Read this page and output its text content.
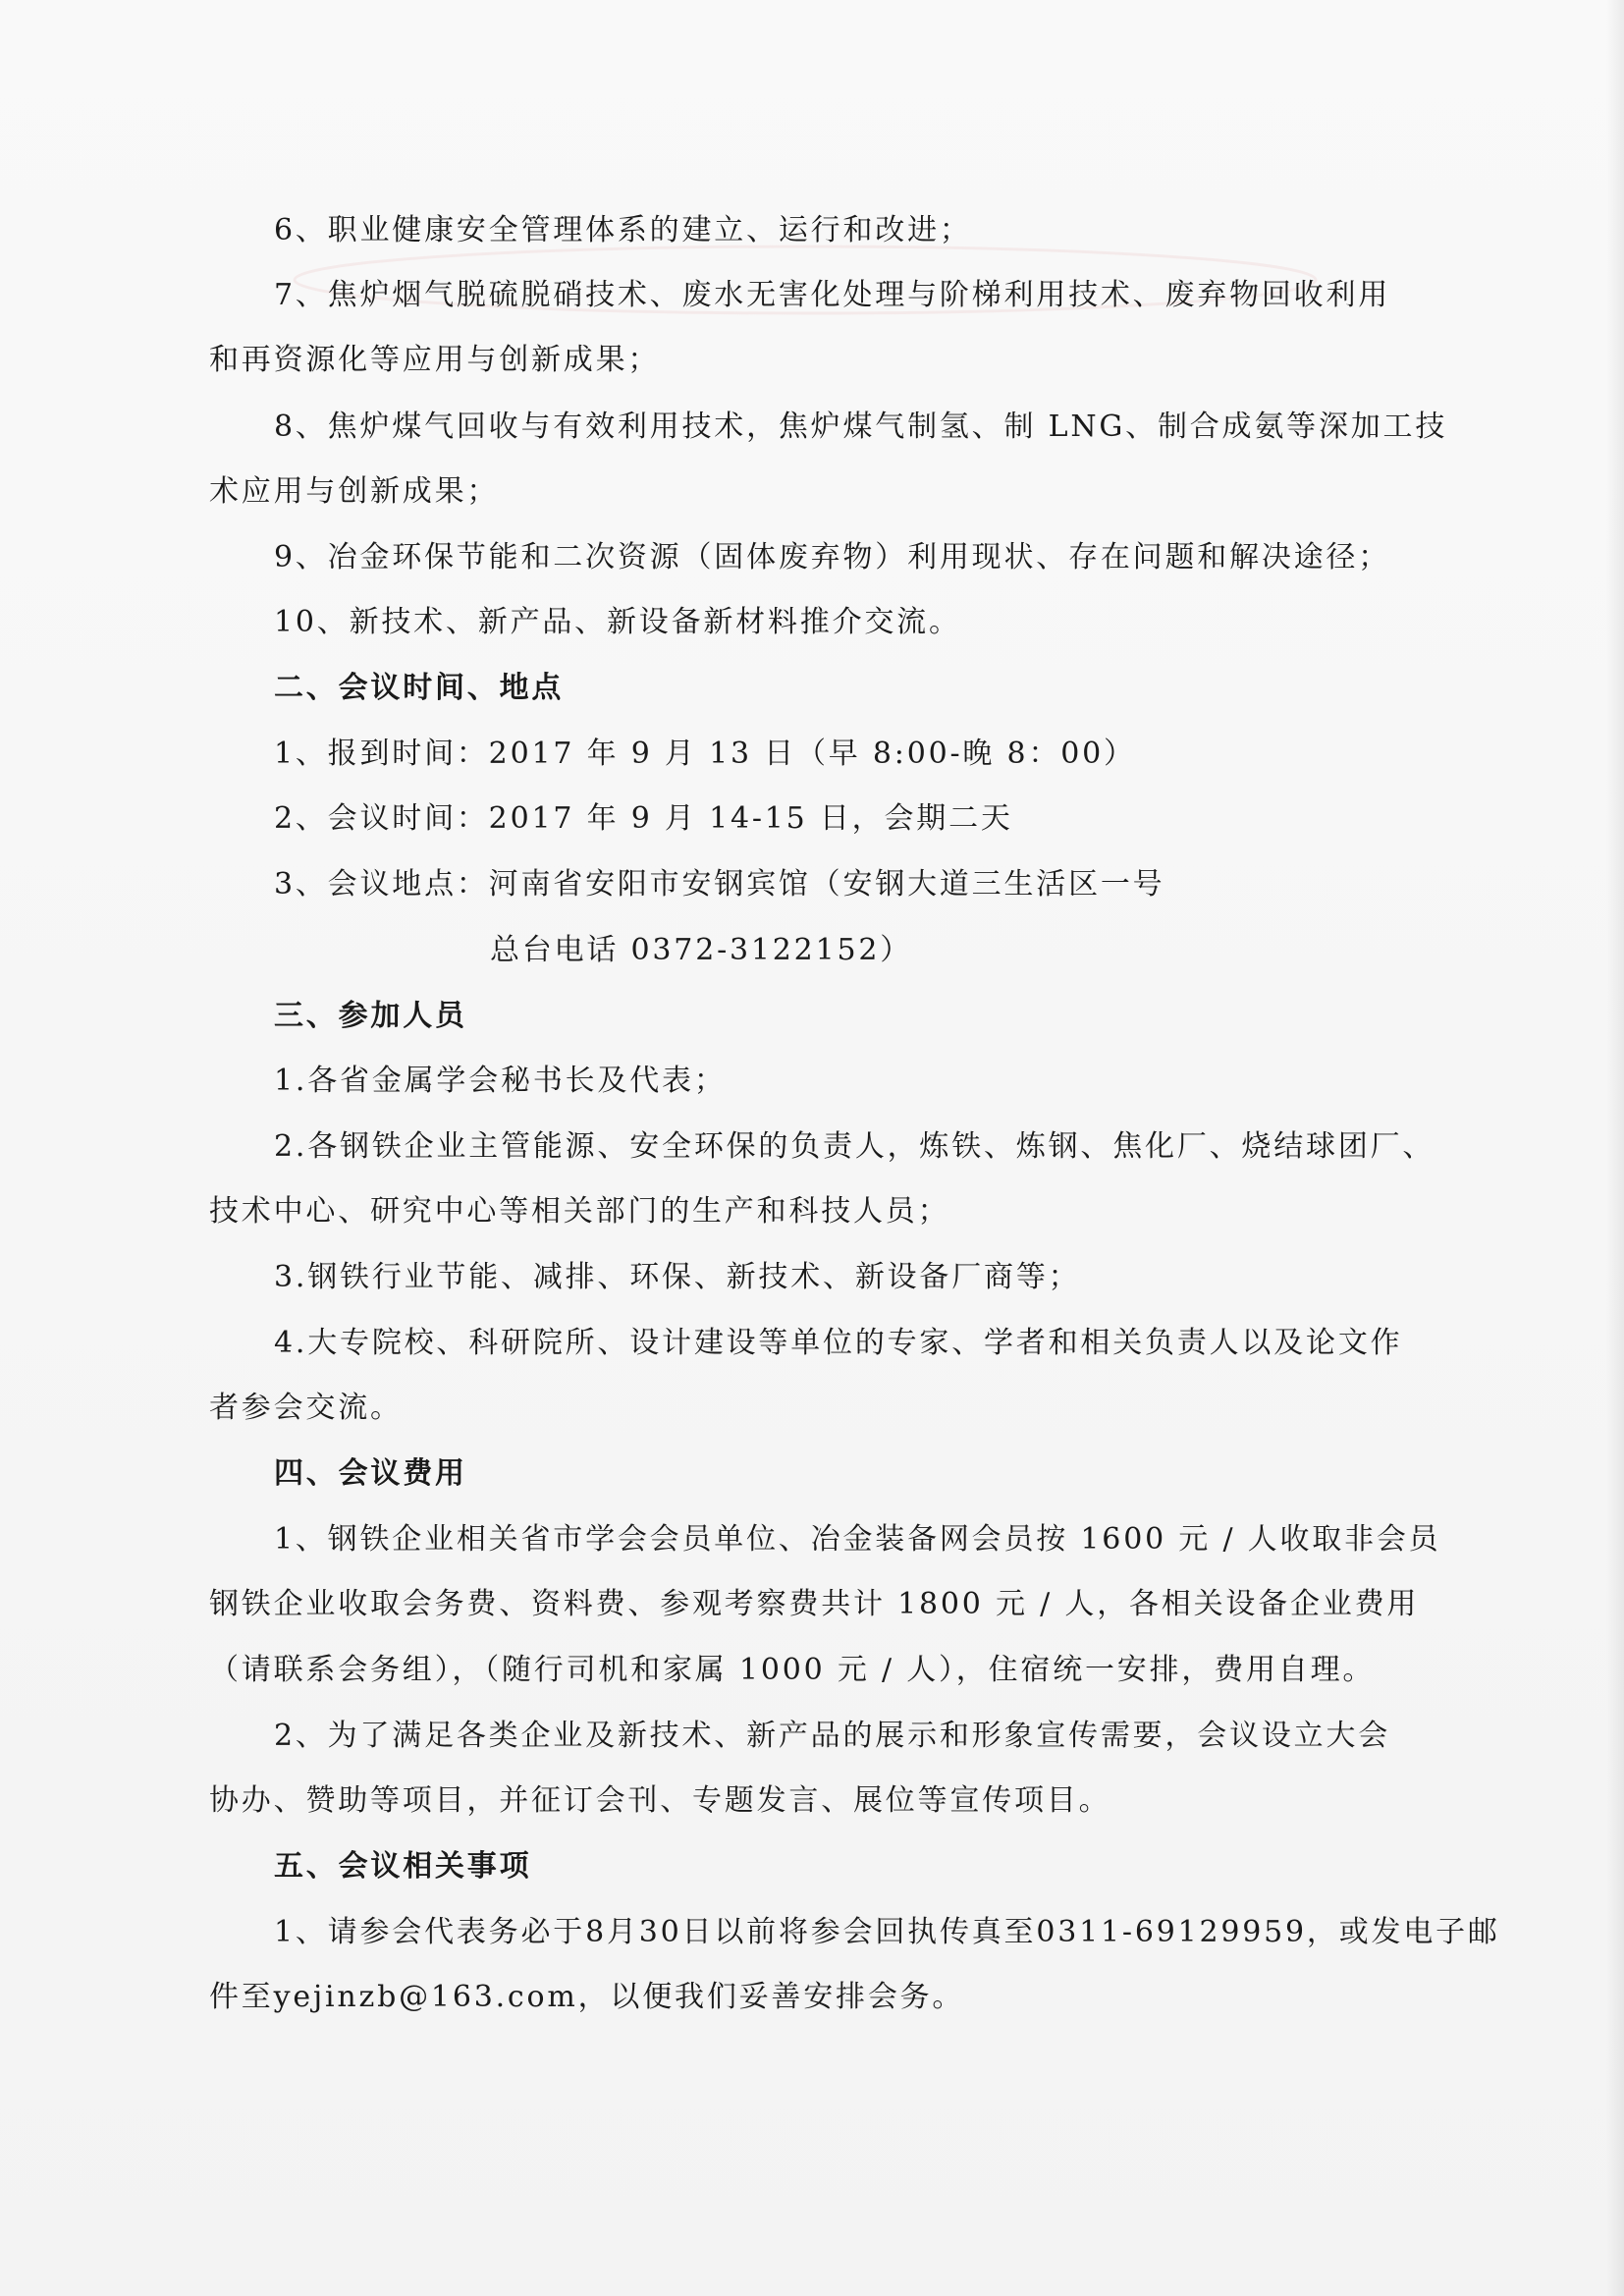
6、职业健康安全管理体系的建立、运行和改进；
7、焦炉烟气脱硫脱硝技术、废水无害化处理与阶梯利用技术、废弃物回收利用
和再资源化等应用与创新成果；
8、焦炉煤气回收与有效利用技术，焦炉煤气制氢、制 LNG、制合成氨等深加工技
术应用与创新成果；
9、冶金环保节能和二次资源（固体废弃物）利用现状、存在问题和解决途径；
10、新技术、新产品、新设备新材料推介交流。
二、会议时间、地点
1、报到时间：2017 年 9 月 13 日（早 8:00-晚 8：00）
2、会议时间：2017 年 9 月 14-15 日，会期二天
3、会议地点：河南省安阳市安钢宾馆（安钢大道三生活区一号
总台电话 0372-3122152）
三、参加人员
1.各省金属学会秘书长及代表；
2.各钢铁企业主管能源、安全环保的负责人，炼铁、炼钢、焦化厂、烧结球团厂、
技术中心、研究中心等相关部门的生产和科技人员；
3.钢铁行业节能、减排、环保、新技术、新设备厂商等；
4.大专院校、科研院所、设计建设等单位的专家、学者和相关负责人以及论文作
者参会交流。
四、会议费用
1、钢铁企业相关省市学会会员单位、冶金装备网会员按 1600 元 / 人收取非会员
钢铁企业收取会务费、资料费、参观考察费共计 1800 元 / 人，各相关设备企业费用
（请联系会务组），（随行司机和家属 1000 元 / 人），住宿统一安排，费用自理。
2、为了满足各类企业及新技术、新产品的展示和形象宣传需要，会议设立大会
协办、赞助等项目，并征订会刊、专题发言、展位等宣传项目。
五、会议相关事项
1、请参会代表务必于8月30日以前将参会回执传真至0311-69129959，或发电子邮
件至yejinzb@163.com，以便我们妥善安排会务。
